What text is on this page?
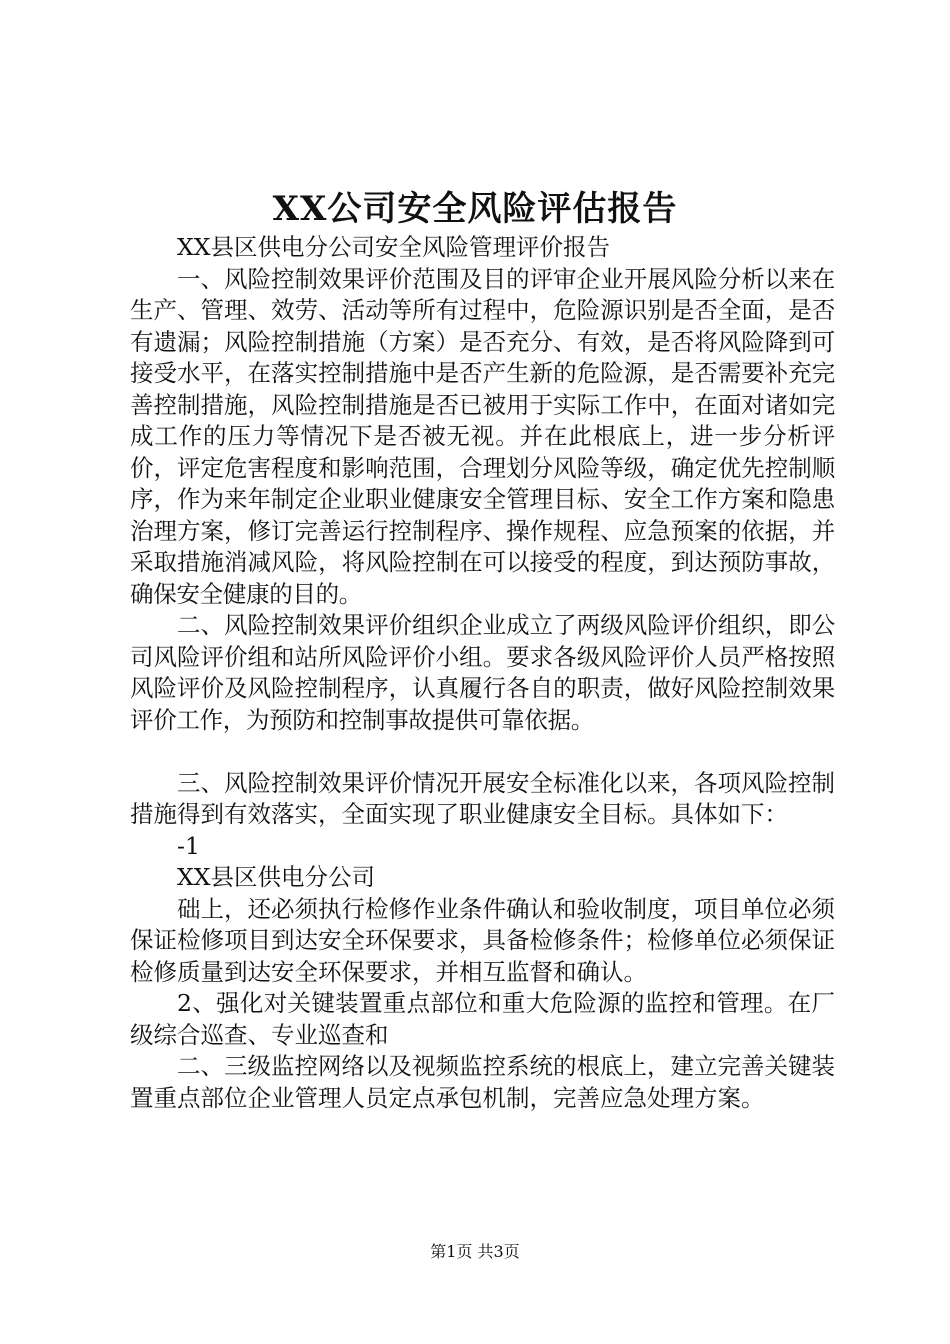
XX公司安全风险评估报告

XX县区供电分公司安全风险管理评价报告

一、风险控制效果评价范围及目的评审企业开展风险分析以来在生产、管理、效劳、活动等所有过程中，危险源识别是否全面，是否有遗漏；风险控制措施（方案）是否充分、有效，是否将风险降到可接受水平，在落实控制措施中是否产生新的危险源，是否需要补充完善控制措施，风险控制措施是否已被用于实际工作中，在面对诸如完成工作的压力等情况下是否被无视。并在此根底上，进一步分析评价，评定危害程度和影响范围，合理划分风险等级，确定优先控制顺序，作为来年制定企业职业健康安全管理目标、安全工作方案和隐患治理方案，修订完善运行控制程序、操作规程、应急预案的依据，并采取措施消减风险，将风险控制在可以接受的程度，到达预防事故，确保安全健康的目的。

二、风险控制效果评价组织企业成立了两级风险评价组织，即公司风险评价组和站所风险评价小组。要求各级风险评价人员严格按照风险评价及风险控制程序，认真履行各自的职责，做好风险控制效果评价工作，为预防和控制事故提供可靠依据。

三、风险控制效果评价情况开展安全标准化以来，各项风险控制措施得到有效落实，全面实现了职业健康安全目标。具体如下：

-1

XX县区供电分公司

础上，还必须执行检修作业条件确认和验收制度，项目单位必须保证检修项目到达安全环保要求，具备检修条件；检修单位必须保证检修质量到达安全环保要求，并相互监督和确认。

2、强化对关键装置重点部位和重大危险源的监控和管理。在厂级综合巡查、专业巡查和

二、三级监控网络以及视频监控系统的根底上，建立完善关键装置重点部位企业管理人员定点承包机制，完善应急处理方案。

第1页 共3页
